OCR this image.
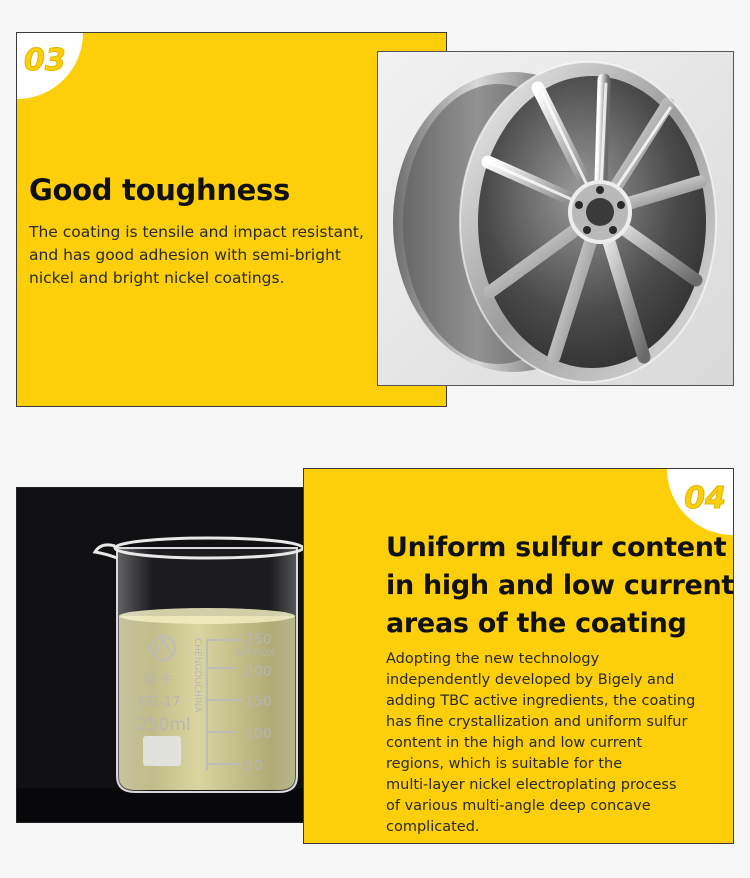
03
Good toughness

The coating is tensile and impact resistant,
and has good adhesion with semi-bright
nickel and bright nickel coatings.

蜀 牛
GG-17
250ml
APPROX
CHENGDUCHINA	250
200
150
100
50
04
Uniform sulfur content
in high and low current
areas of the coating

Adopting the new technology
independently developed by Bigely and
adding TBC active ingredients, the coating
has fine crystallization and uniform sulfur
content in the high and low current
regions, which is suitable for the
multi-layer nickel electroplating process
of various multi-angle deep concave
complicated.
